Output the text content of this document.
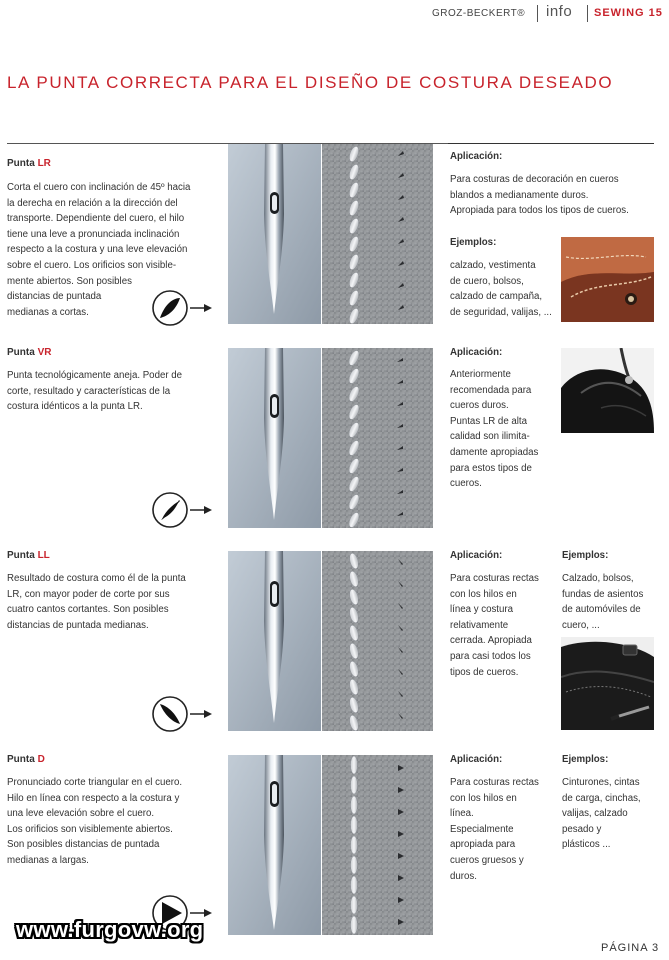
GROZ-BECKERT® info SEWING 15
LA PUNTA CORRECTA PARA EL DISEÑO DE COSTURA DESEADO
Punta LR
Corta el cuero con inclinación de 45º hacia
la derecha en relación a la dirección del
transporte. Dependiente del cuero, el hilo
tiene una leve a pronunciada inclinación
respecto a la costura y una leve elevación
sobre el cuero. Los orificios son visible-
mente abiertos. Son posibles
distancias de puntada
medianas a cortas.
Aplicación:
Para costuras de decoración en cueros
blandos a medianamente duros.
Apropiada para todos los tipos de cueros.
Ejemplos:
calzado, vestimenta
de cuero, bolsos,
calzado de campaña,
de seguridad, valijas, ...
Punta VR
Punta tecnológicamente aneja. Poder de
corte, resultado y características de la
costura idénticos a la punta LR.
Aplicación:
Anteriormente
recomendada para
cueros duros.
Puntas LR de alta
calidad son ilimita-
damente apropiadas
para estos tipos de
cueros.
Punta LL
Resultado de costura como él de la punta
LR, con mayor poder de corte por sus
cuatro cantos cortantes. Son posibles
distancias de puntada medianas.
Aplicación:
Para costuras rectas
con los hilos en
línea y costura
relativamente
cerrada. Apropiada
para casi todos los
tipos de cueros.
Ejemplos:
Calzado, bolsos,
fundas de asientos
de automóviles de
cuero, ...
Punta D
Pronunciado corte triangular en el cuero.
Hilo en línea con respecto a la costura y
una leve elevación sobre el cuero.
Los orificios son visiblemente abiertos.
Son posibles distancias de puntada
medianas a largas.
Aplicación:
Para costuras rectas
con los hilos en
línea.
Especialmente
apropiada para
cueros gruesos y
duros.
Ejemplos:
Cinturones, cintas
de carga, cinchas,
valijas, calzado
pesado y
plásticos ...
PÁGINA 3
www.furgovw.org
